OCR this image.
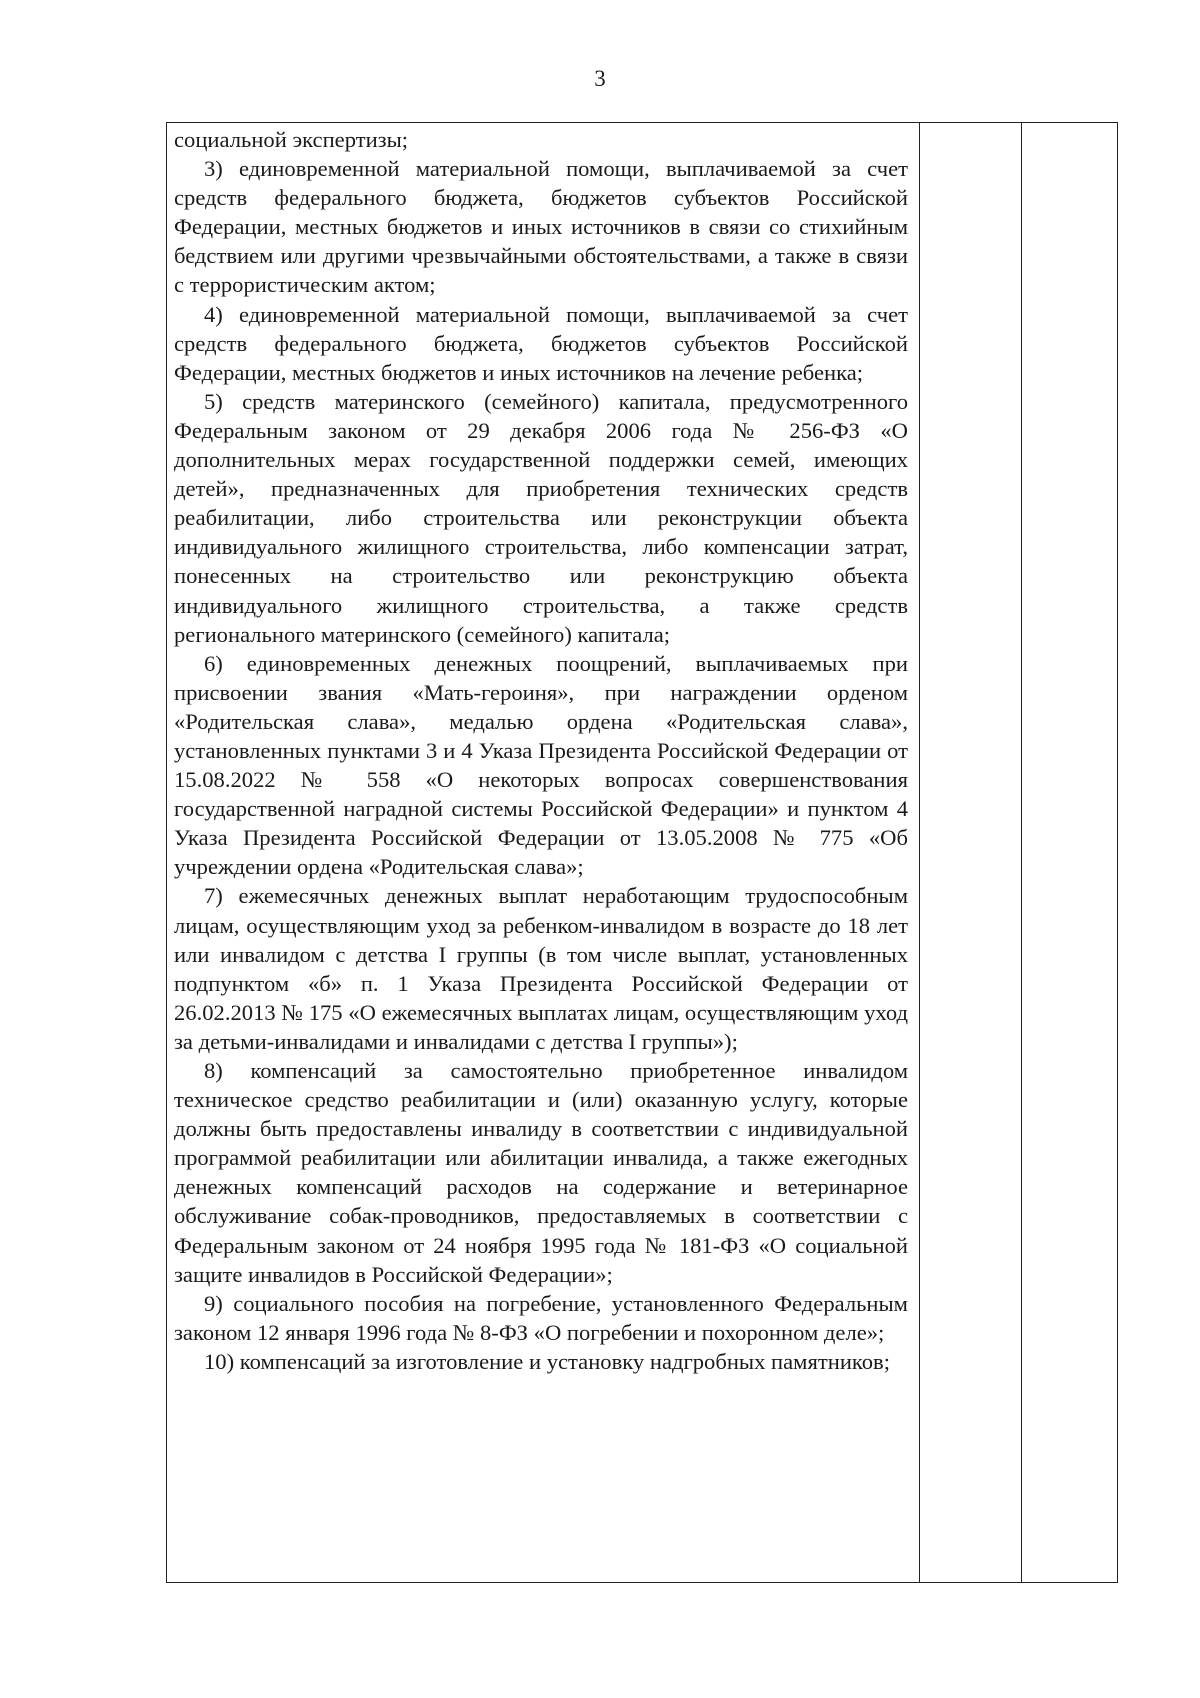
3

социальной экспертизы;

3) единовременной материальной помощи, выплачиваемой за счет средств федерального бюджета, бюджетов субъектов Российской Федерации, местных бюджетов и иных источников в связи со стихийным бедствием или другими чрезвычайными обстоятельствами, а также в связи с террористическим актом;

4) единовременной материальной помощи, выплачиваемой за счет средств федерального бюджета, бюджетов субъектов Российской Федерации, местных бюджетов и иных источников на лечение ребенка;

5) средств материнского (семейного) капитала, предусмотренного Федеральным законом от 29 декабря 2006 года № 256-ФЗ «О дополнительных мерах государственной поддержки семей, имеющих детей», предназначенных для приобретения технических средств реабилитации, либо строительства или реконструкции объекта индивидуального жилищного строительства, либо компенсации затрат, понесенных на строительство или реконструкцию объекта индивидуального жилищного строительства, а также средств регионального материнского (семейного) капитала;

6) единовременных денежных поощрений, выплачиваемых при присвоении звания «Мать-героиня», при награждении орденом «Родительская слава», медалью ордена «Родительская слава», установленных пунктами 3 и 4 Указа Президента Российской Федерации от 15.08.2022 № 558 «О некоторых вопросах совершенствования государственной наградной системы Российской Федерации» и пунктом 4 Указа Президента Российской Федерации от 13.05.2008 № 775 «Об учреждении ордена «Родительская слава»;

7) ежемесячных денежных выплат неработающим трудоспособным лицам, осуществляющим уход за ребенком-инвалидом в возрасте до 18 лет или инвалидом с детства I группы (в том числе выплат, установленных подпунктом «б» п. 1 Указа Президента Российской Федерации от 26.02.2013 № 175 «О ежемесячных выплатах лицам, осуществляющим уход за детьми-инвалидами и инвалидами с детства I группы»);

8) компенсаций за самостоятельно приобретенное инвалидом техническое средство реабилитации и (или) оказанную услугу, которые должны быть предоставлены инвалиду в соответствии с индивидуальной программой реабилитации или абилитации инвалида, а также ежегодных денежных компенсаций расходов на содержание и ветеринарное обслуживание собак-проводников, предоставляемых в соответствии с Федеральным законом от 24 ноября 1995 года № 181-ФЗ «О социальной защите инвалидов в Российской Федерации»;

9) социального пособия на погребение, установленного Федеральным законом 12 января 1996 года № 8-ФЗ «О погребении и похоронном деле»;

10) компенсаций за изготовление и установку надгробных памятников;
